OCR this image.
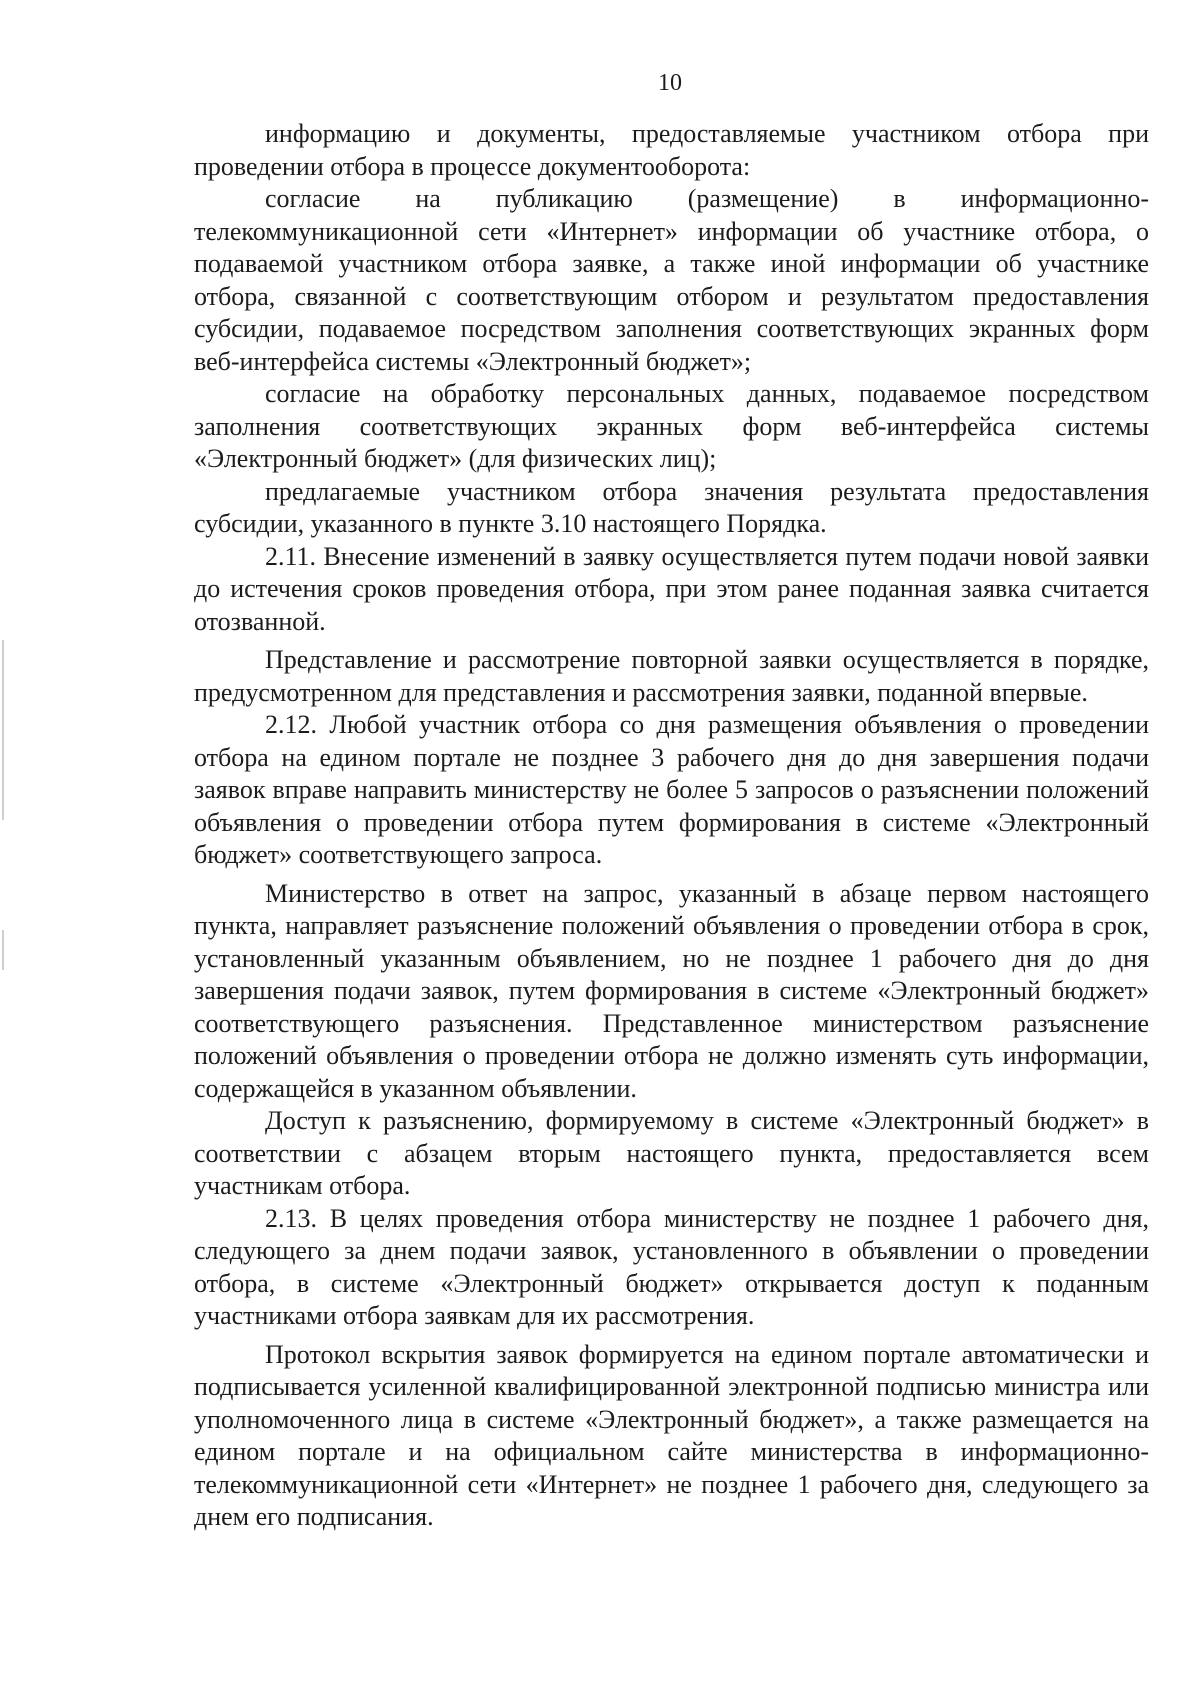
10

информацию и документы, предоставляемые участником отбора при проведении отбора в процессе документооборота:

согласие на публикацию (размещение) в информационно-телекоммуникационной сети «Интернет» информации об участнике отбора, о подаваемой участником отбора заявке, а также иной информации об участнике отбора, связанной с соответствующим отбором и результатом предоставления субсидии, подаваемое посредством заполнения соответствующих экранных форм веб-интерфейса системы «Электронный бюджет»;

согласие на обработку персональных данных, подаваемое посредством заполнения соответствующих экранных форм веб-интерфейса системы «Электронный бюджет» (для физических лиц);

предлагаемые участником отбора значения результата предоставления субсидии, указанного в пункте 3.10 настоящего Порядка.

2.11. Внесение изменений в заявку осуществляется путем подачи новой заявки до истечения сроков проведения отбора, при этом ранее поданная заявка считается отозванной.

Представление и рассмотрение повторной заявки осуществляется в порядке, предусмотренном для представления и рассмотрения заявки, поданной впервые.

2.12. Любой участник отбора со дня размещения объявления о проведении отбора на едином портале не позднее 3 рабочего дня до дня завершения подачи заявок вправе направить министерству не более 5 запросов о разъяснении положений объявления о проведении отбора путем формирования в системе «Электронный бюджет» соответствующего запроса.

Министерство в ответ на запрос, указанный в абзаце первом настоящего пункта, направляет разъяснение положений объявления о проведении отбора в срок, установленный указанным объявлением, но не позднее 1 рабочего дня до дня завершения подачи заявок, путем формирования в системе «Электронный бюджет» соответствующего разъяснения. Представленное министерством разъяснение положений объявления о проведении отбора не должно изменять суть информации, содержащейся в указанном объявлении.

Доступ к разъяснению, формируемому в системе «Электронный бюджет» в соответствии с абзацем вторым настоящего пункта, предоставляется всем участникам отбора.

2.13. В целях проведения отбора министерству не позднее 1 рабочего дня, следующего за днем подачи заявок, установленного в объявлении о проведении отбора, в системе «Электронный бюджет» открывается доступ к поданным участниками отбора заявкам для их рассмотрения.

Протокол вскрытия заявок формируется на едином портале автоматически и подписывается усиленной квалифицированной электронной подписью министра или уполномоченного лица в системе «Электронный бюджет», а также размещается на едином портале и на официальном сайте министерства в информационно-телекоммуникационной сети «Интернет» не позднее 1 рабочего дня, следующего за днем его подписания.
